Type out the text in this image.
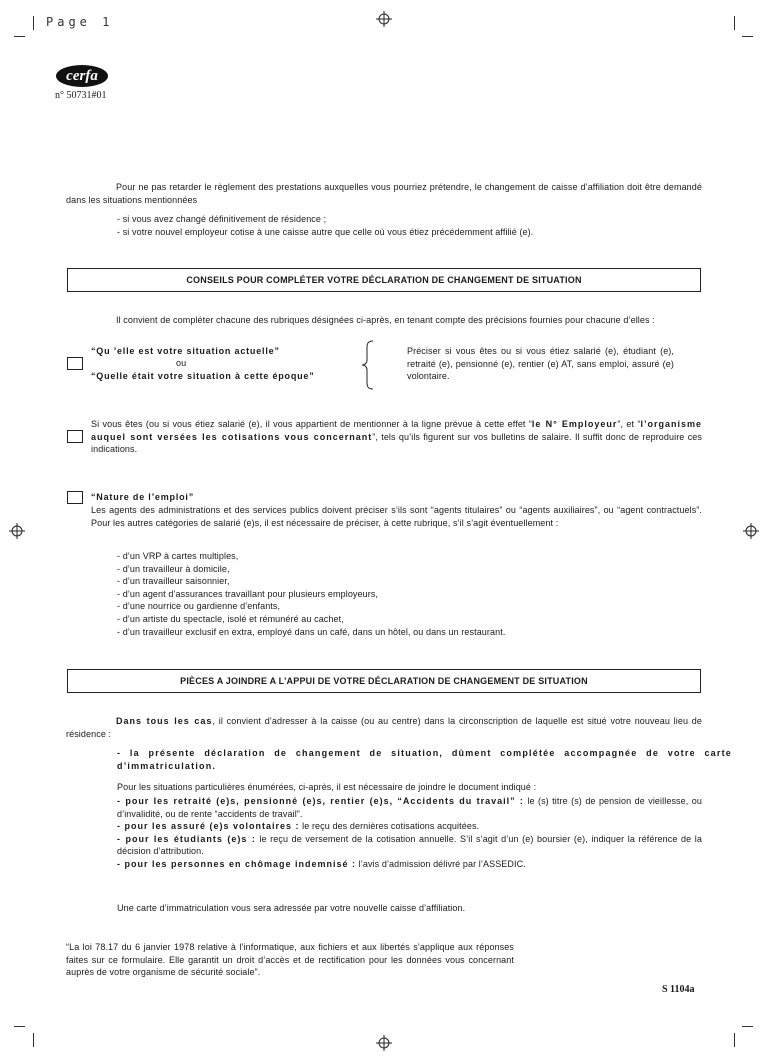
Page 1
cerfa
n° 50731#01
Pour ne pas retarder le règlement des prestations auxquelles vous pourriez prétendre, le changement de caisse d’affiliation doit être demandé dans les situations mentionnées
- si vous avez changé définitivement de résidence ;
- si votre nouvel employeur cotise à une caisse autre que celle où vous étiez précédemment affilié (e).
CONSEILS POUR COMPLÉTER VOTRE DÉCLARATION DE CHANGEMENT DE SITUATION
Il convient de compléter chacune des rubriques désignées ci-après, en tenant compte des précisions fournies pour chacune d’elles :
“Qu ’elle est votre situation actuelle”
ou
“Quelle était votre situation à cette époque”
Préciser si vous êtes ou si vous étiez salarié (e), étudiant (e), retraité (e), pensionné (e), rentier (e) AT, sans emploi, assuré (e) volontaire.
Si vous êtes (ou si vous étiez salarié (e), il vous appartient de mentionner à la ligne prévue à cette effet “le N° Employeur”, et “l’organisme auquel sont versées les cotisations vous concernant”, tels qu’ils figurent sur vos bulletins de salaire. Il suffit donc de reproduire ces indications.
“Nature de l’emploi”
Les agents des administrations et des services publics doivent préciser s’ils sont “agents titulaires” ou “agents auxiliaires”, ou “agent contractuels”. Pour les autres catégories de salarié (e)s, il est nécessaire de préciser, à cette rubrique, s’il s’agit éventuellement :
- d’un VRP à cartes multiples,
- d’un travailleur à domicile,
- d’un travailleur saisonnier,
- d’un agent d’assurances travaillant pour plusieurs employeurs,
- d’une nourrice ou gardienne d’enfants,
- d’un artiste du spectacle, isolé et rémunéré au cachet,
- d’un travailleur exclusif en extra, employé dans un café, dans un hôtel, ou dans un restaurant.
PIÈCES A JOINDRE A L’APPUI DE VOTRE DÉCLARATION DE CHANGEMENT DE SITUATION
Dans tous les cas, il convient d’adresser à la caisse (ou au centre) dans la circonscription de laquelle est situé votre nouveau lieu de résidence :
- la présente déclaration de changement de situation, dûment complétée accompagnée de votre carte d’immatriculation.
Pour les situations particulières énumérées, ci-après, il est nécessaire de joindre le document indiqué :
- pour les retraité (e)s, pensionné (e)s, rentier (e)s, “Accidents du travail” : le (s) titre (s) de pension de vieillesse, ou d’invalidité, ou de rente “accidents de travail”.
- pour les assuré (e)s volontaires : le reçu des dernières cotisations acquitées.
- pour les étudiants (e)s : le reçu de versement de la cotisation annuelle. S’il s’agit d’un (e) boursier (e), indiquer la référence de la décision d’attribution.
- pour les personnes en chômage indemnisé : l’avis d’admission délivré par l’ASSEDIC.
Une carte d’immatriculation vous sera adressée par votre nouvelle caisse d’affiliation.
“La loi 78.17 du 6 janvier 1978 relative à l’informatique, aux fichiers et aux libertés s’applique aux réponses faites sur ce formulaire. Elle garantit un droit d’accès et de rectification pour les données vous concernant auprès de votre organisme de sécurité sociale”.
S 1104a
